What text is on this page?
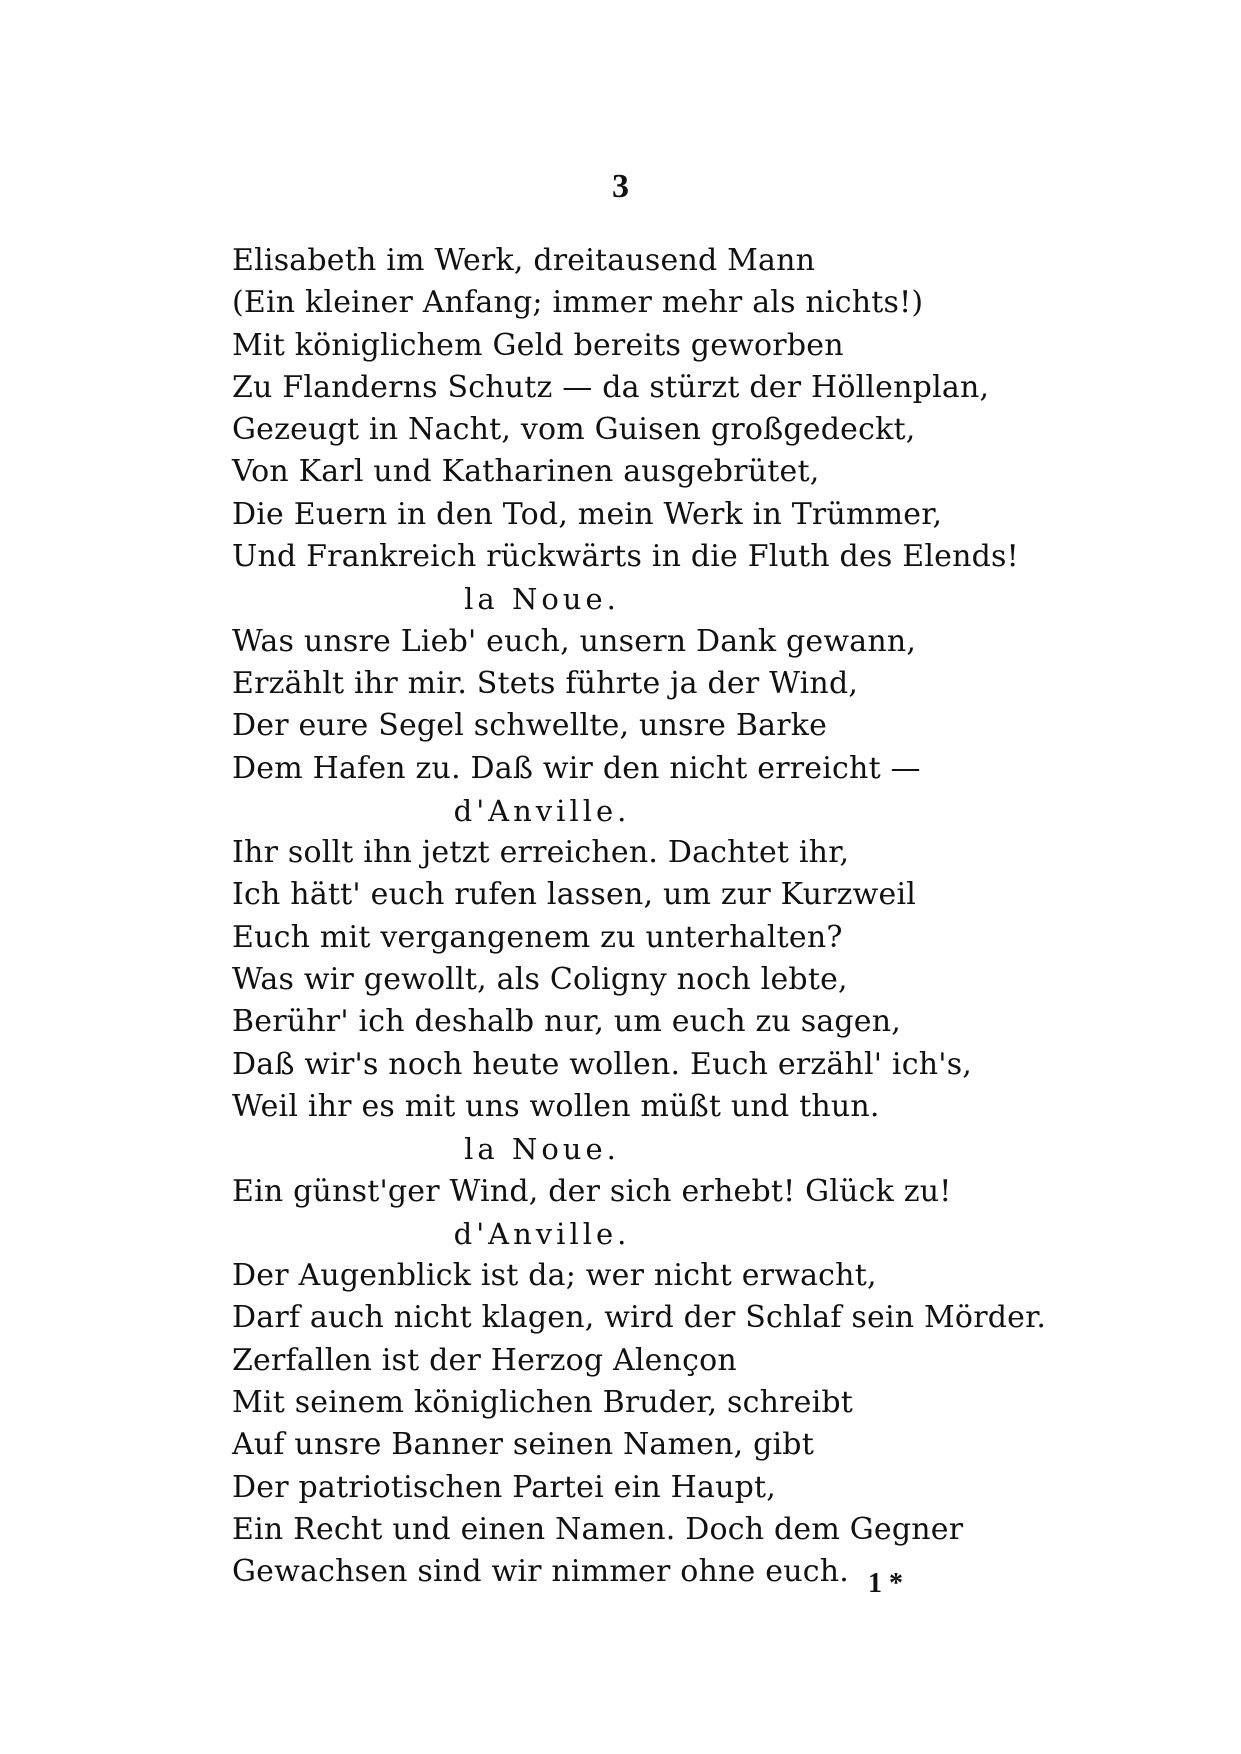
3
Elisabeth im Werk, dreitausend Mann
(Ein kleiner Anfang; immer mehr als nichts!)
Mit königlichem Geld bereits geworben
Zu Flanderns Schutz — da stürzt der Höllenplan,
Gezeugt in Nacht, vom Guisen großgedeckt,
Von Karl und Katharinen ausgebrütet,
Die Euern in den Tod, mein Werk in Trümmer,
Und Frankreich rückwärts in die Fluth des Elends!
la Noue.
Was unsre Lieb' euch, unsern Dank gewann,
Erzählt ihr mir. Stets führte ja der Wind,
Der eure Segel schwellte, unsre Barke
Dem Hafen zu. Daß wir den nicht erreicht —
d'Anville.
Ihr sollt ihn jetzt erreichen. Dachtet ihr,
Ich hätt' euch rufen lassen, um zur Kurzweil
Euch mit vergangenem zu unterhalten?
Was wir gewollt, als Coligny noch lebte,
Berühr' ich deshalb nur, um euch zu sagen,
Daß wir's noch heute wollen. Euch erzähl' ich's,
Weil ihr es mit uns wollen müßt und thun.
la Noue.
Ein günst'ger Wind, der sich erhebt! Glück zu!
d'Anville.
Der Augenblick ist da; wer nicht erwacht,
Darf auch nicht klagen, wird der Schlaf sein Mörder.
Zerfallen ist der Herzog Alençon
Mit seinem königlichen Bruder, schreibt
Auf unsre Banner seinen Namen, gibt
Der patriotischen Partei ein Haupt,
Ein Recht und einen Namen. Doch dem Gegner
Gewachsen sind wir nimmer ohne euch. 1 *
